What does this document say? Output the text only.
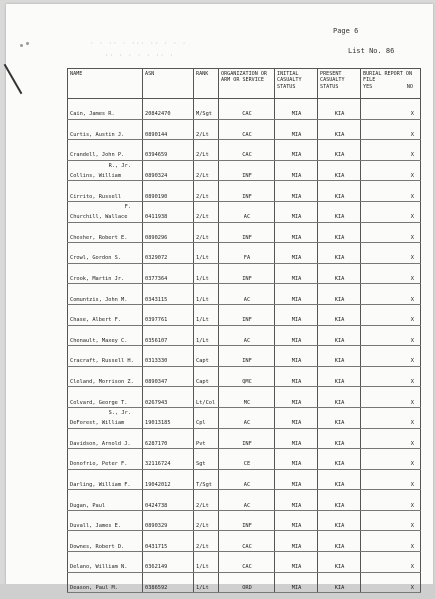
· · ·· · ··· ·· · · ·
·· · · · · ·· ·
Page 6
List No. 86
NAME	ASN	RANK	ORGANIZATION OR ARM OR SERVICE	INITIAL CASUALTY STATUS	PRESENT CASUALTY STATUS	BURIAL REPORT ON FILE
YES NO

Cain, James R.	20842470	M/Sgt	CAC	MIA	KIA	X

Curtis, Austin J.	0890144	2/Lt	CAC	MIA	KIA	X

Crandell, John P.	0394659	2/Lt	CAC	MIA	KIA	X

Collins, William
R., Jr.	0890324	2/Lt	INF	MIA	KIA	X

Cirrito, Russell	0890190	2/Lt	INF	MIA	KIA	X

Churchill, Wallace
F.	0411938	2/Lt	AC	MIA	KIA	X

Chesher, Robert E.	0890296	2/Lt	INF	MIA	KIA	X

Crowl, Gordon S.	0329072	1/Lt	FA	MIA	KIA	X

Crook, Martin Jr.	0377364	1/Lt	INF	MIA	KIA	X

Comuntzis, John M.	0343115	1/Lt	AC	MIA	KIA	X

Chase, Albert F.	0397761	1/Lt	INF	MIA	KIA	X

Chenault, Maxey C.	0356107	1/Lt	AC	MIA	KIA	X

Cracraft, Russell H.	0313330	Capt	INF	MIA	KIA	X

Cleland, Morrison Z.	0890347	Capt	QMC	MIA	KIA	X

Colvard, George T.	0267943	Lt/Col	MC	MIA	KIA	X

DeForest, William
S., Jr.	19013185	Cpl	AC	MIA	KIA	X

Davidson, Arnold J.	6287170	Pvt	INF	MIA	KIA	X

Donofrio, Peter F.	32116724	Sgt	CE	MIA	KIA	X

Darling, William F.	19042012	T/Sgt	AC	MIA	KIA	X

Dugan, Paul	0424738	2/Lt	AC	MIA	KIA	X

Duvall, James E.	0890329	2/Lt	INF	MIA	KIA	X

Downes, Robert D.	0431715	2/Lt	CAC	MIA	KIA	X

Delano, William N.	0362149	1/Lt	CAC	MIA	KIA	X

Deason, Paul M.	0386592	1/Lt	ORD	MIA	KIA	X
